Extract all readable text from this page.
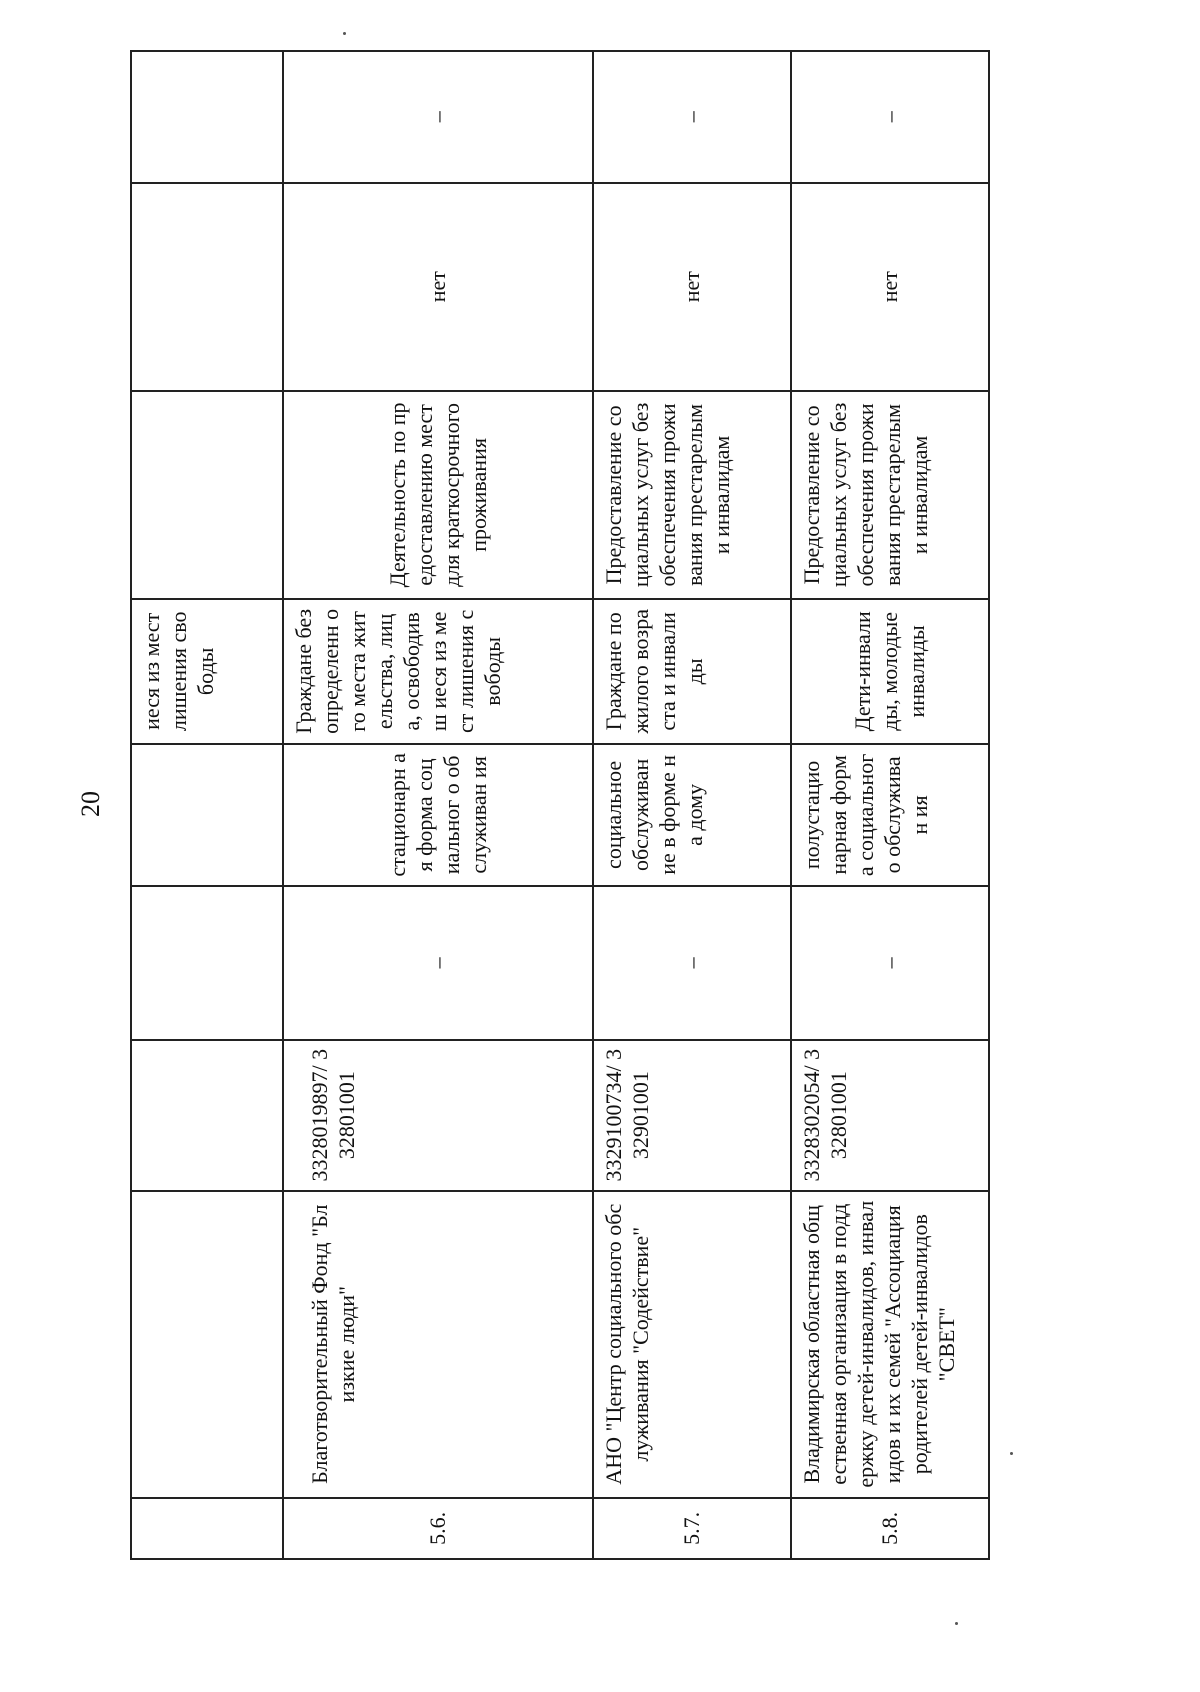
20
					иеся из мест лишения свободы			
5.6.	Благотворительный Фонд "Близкие люди"	3328019897/ 332801001	–	стационарн ая форма социальног о обслуживан ия	Граждане без определенн ого места жительства, лица, освободивш иеся из мест лишения свободы	Деятельность по предоставлению мест для краткосрочного проживания	нет	–
5.7.	АНО "Центр социального обслуживания "Содействие"	3329100734/ 332901001	–	социальное обслуживан ие в форме на дому	Граждане пожилого возраста и инвалиды	Предоставление социальных услуг без обеспечения проживания престарелым и инвалидам	нет	–
5.8.	Владимирская областная общественная организация в поддержку детей-инвалидов, инвалидов и их семей "Ассоциация родителей детей-инвалидов "СВЕТ"	3328302054/ 332801001	–	полустацио нарная форма социальног о обслуживан ия	Дети-инвалиды, молодые инвалиды	Предоставление социальных услуг без обеспечения проживания престарелым и инвалидам	нет	–
